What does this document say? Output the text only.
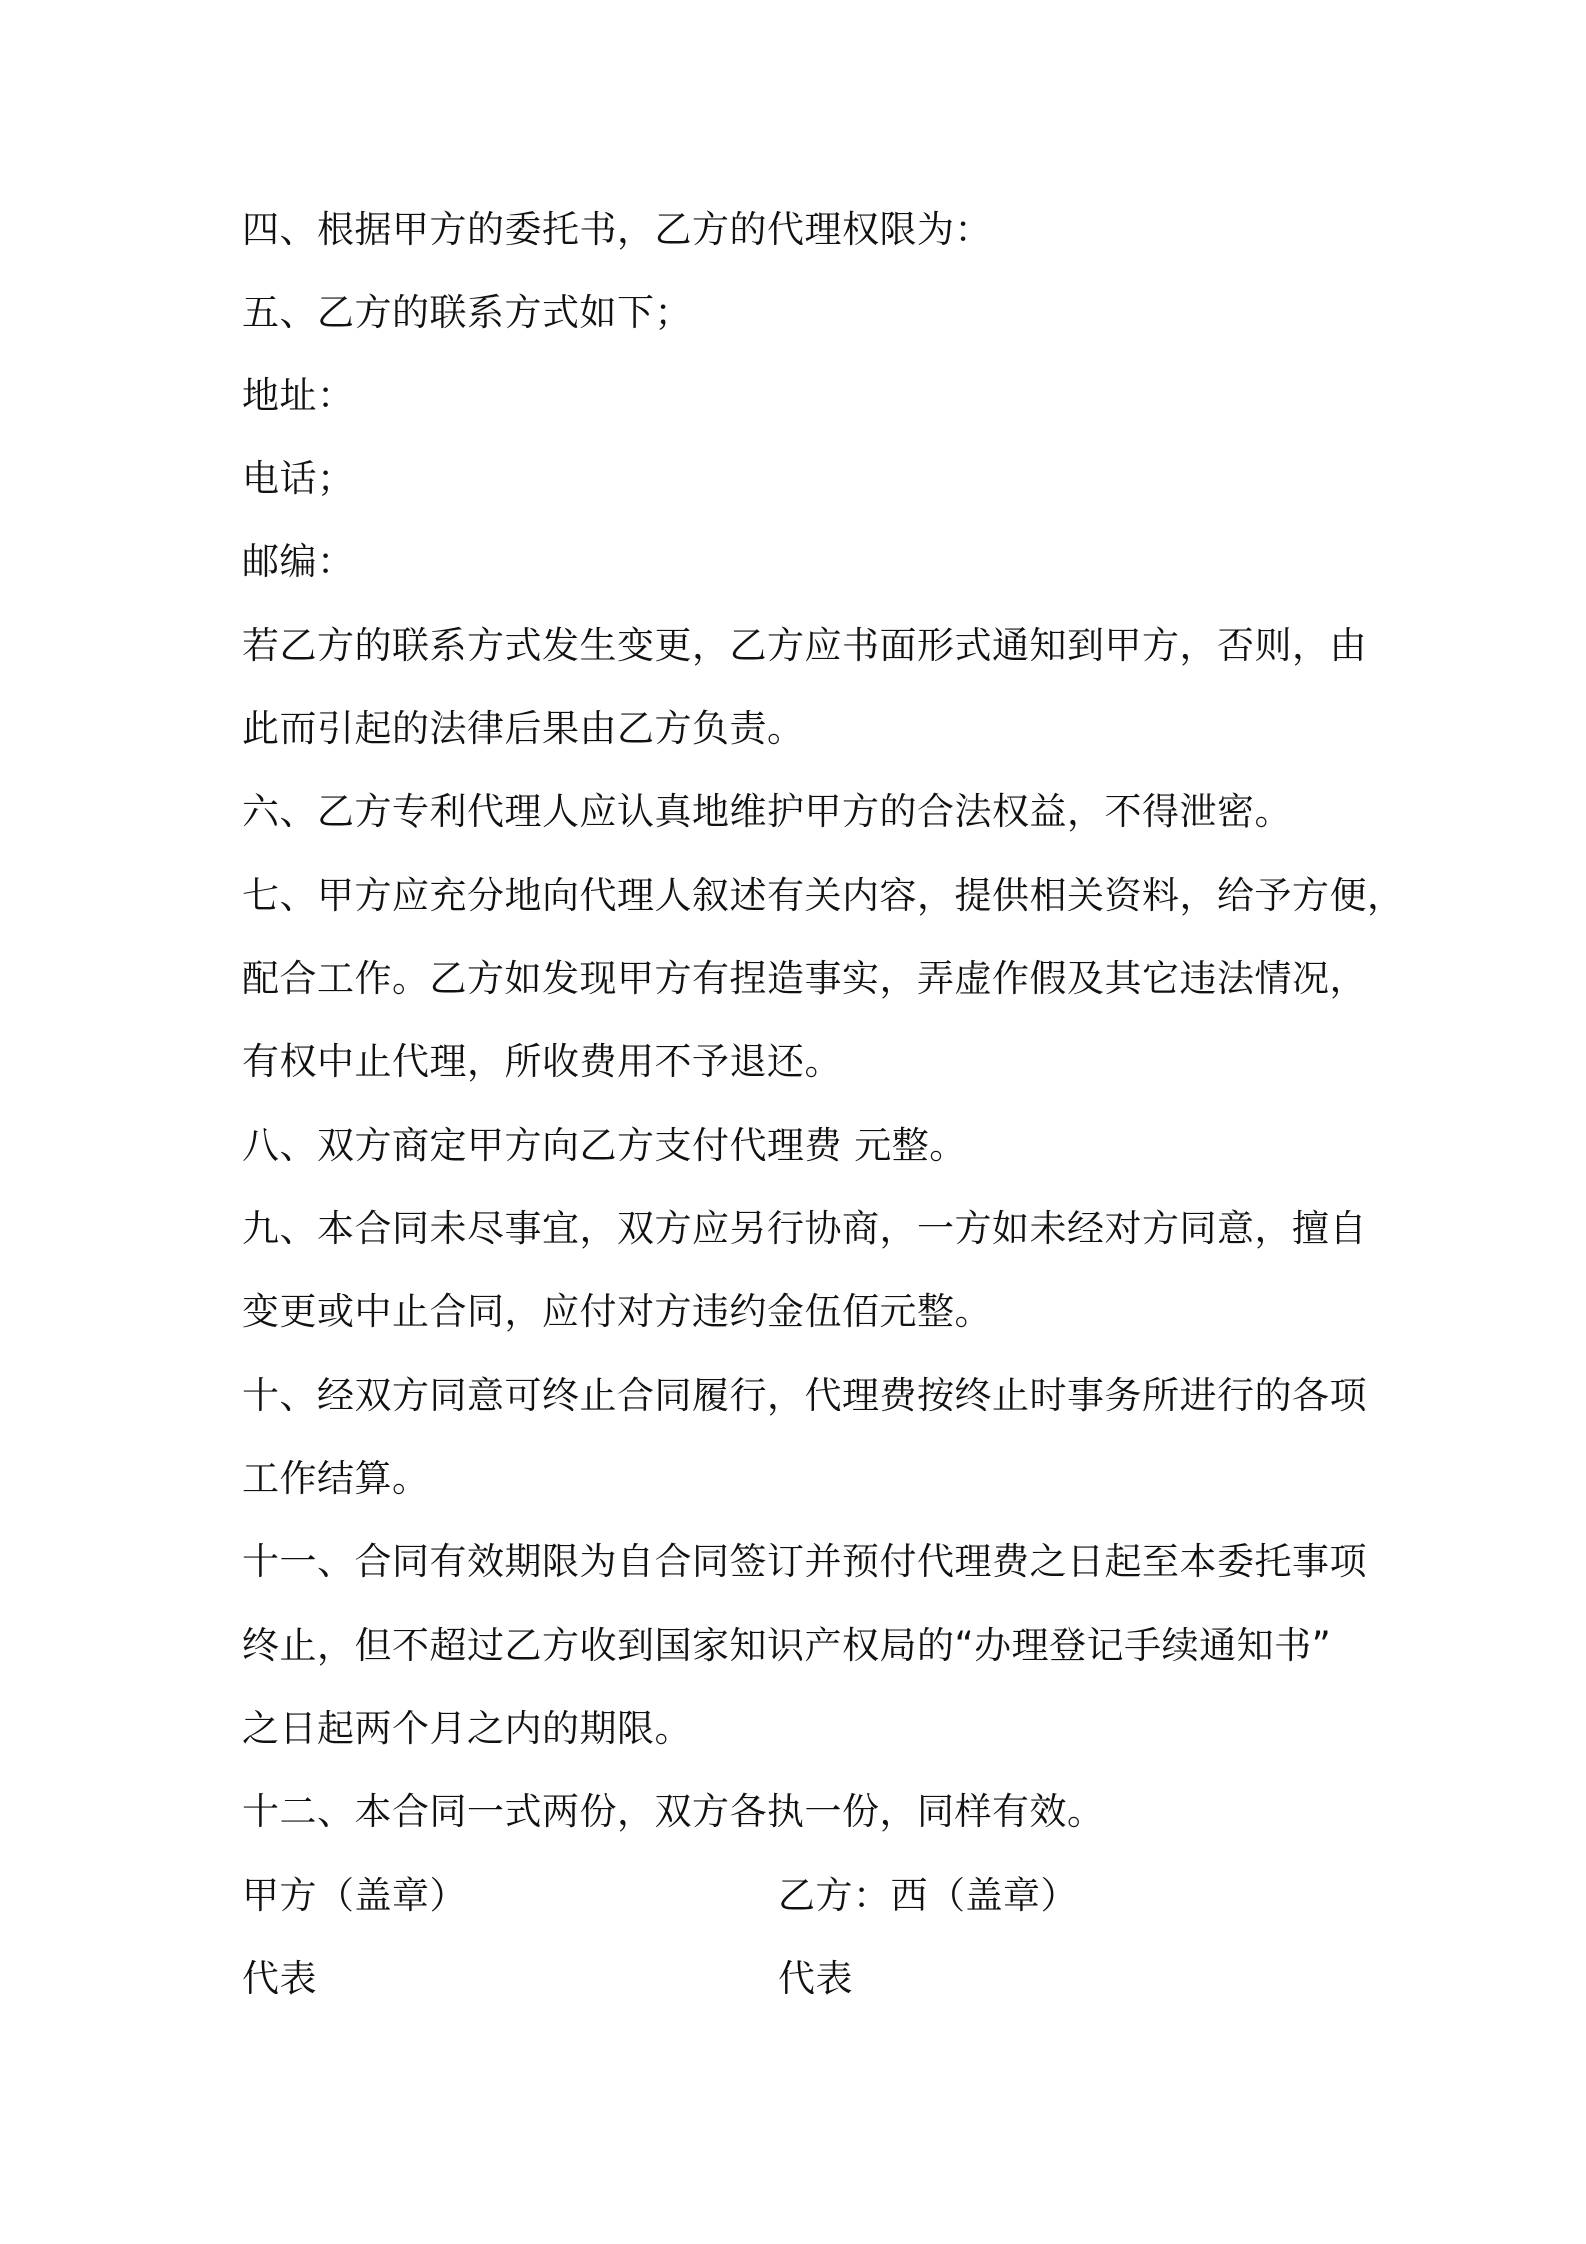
四、根据甲方的委托书，乙方的代理权限为：
五、乙方的联系方式如下；
地址：
电话；
邮编：
若乙方的联系方式发生变更，乙方应书面形式通知到甲方，否则，由
此而引起的法律后果由乙方负责。
六、乙方专利代理人应认真地维护甲方的合法权益，不得泄密。
七、甲方应充分地向代理人叙述有关内容，提供相关资料，给予方便，
配合工作。乙方如发现甲方有捏造事实，弄虚作假及其它违法情况，
有权中止代理，所收费用不予退还。
八、双方商定甲方向乙方支付代理费 元整。
九、本合同未尽事宜，双方应另行协商，一方如未经对方同意，擅自
变更或中止合同，应付对方违约金伍佰元整。
十、经双方同意可终止合同履行，代理费按终止时事务所进行的各项
工作结算。
十一、合同有效期限为自合同签订并预付代理费之日起至本委托事项
终止，但不超过乙方收到国家知识产权局的“办理登记手续通知书”
之日起两个月之内的期限。
十二、本合同一式两份，双方各执一份，同样有效。
甲方（盖章）	乙方：西（盖章）
代表	代表
